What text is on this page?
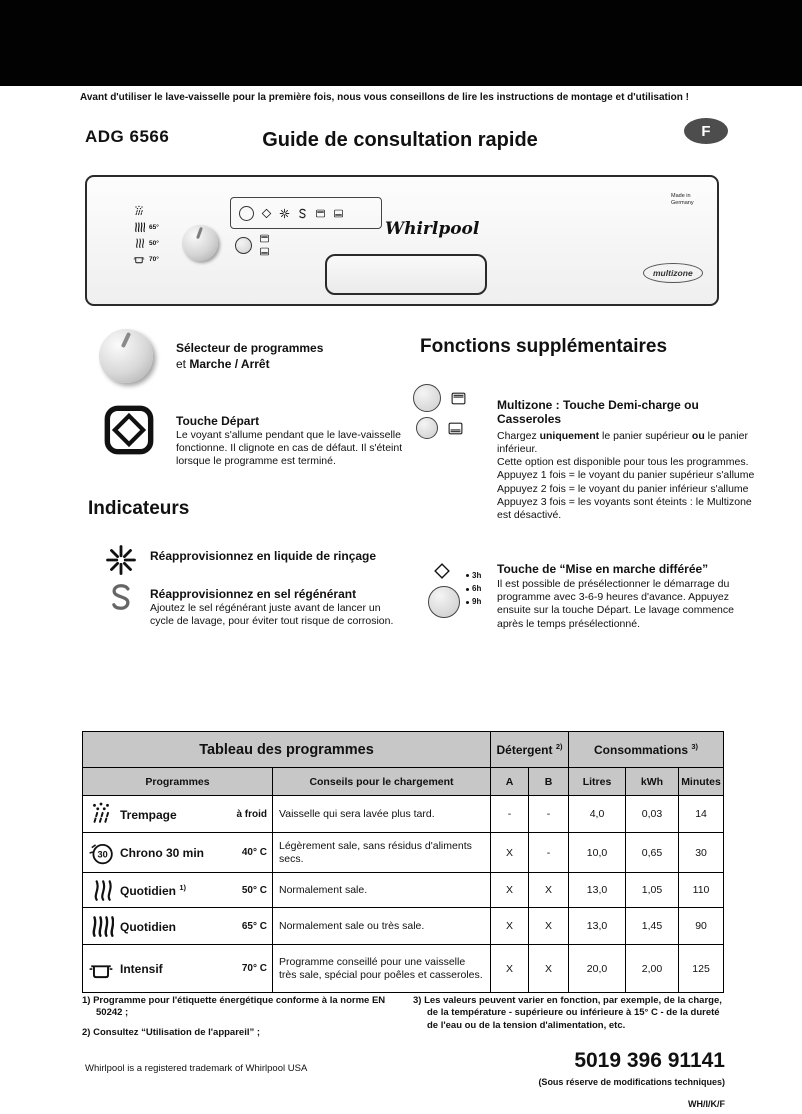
Avant d'utiliser le lave-vaisselle pour la première fois, nous vous conseillons de lire les instructions de montage et d'utilisation !
ADG 6566	Guide de consultation rapide	F
65°
50°
70°
Whirlpool
Made in Germany
multizone
Sélecteur de programmes
et Marche / Arrêt
Touche Départ
Le voyant s'allume pendant que le lave-vaisselle fonctionne. Il clignote en cas de défaut. Il s'éteint lorsque le programme est terminé.
Indicateurs
Réapprovisionnez en liquide de rinçage
Réapprovisionnez en sel régénérant
Ajoutez le sel régénérant juste avant de lancer un cycle de lavage, pour éviter tout risque de corrosion.
Fonctions supplémentaires
Multizone : Touche Demi-charge ou Casseroles
Chargez uniquement le panier supérieur ou le panier inférieur.
Cette option est disponible pour tous les programmes.
Appuyez 1 fois = le voyant du panier supérieur s'allume
Appuyez 2 fois = le voyant du panier inférieur s'allume
Appuyez 3 fois = les voyants sont éteints : le Multizone est désactivé.
3h
6h
9h
Touche de “Mise en marche différée”
Il est possible de présélectionner le démarrage du programme avec 3-6-9 heures d'avance. Appuyez ensuite sur la touche Départ. Le lavage commence après le temps présélectionné.
Tableau des programmes		Détergent $^{2)}$		Consommations $^{3)}$
Programmes	Conseils pour le chargement	A	B	Litres	kWh	Minutes

Trempage à froid	Vaisselle qui sera lavée plus tard.	-	-	4,0	0,03	14

Chrono 30 min 40° C	Légèrement sale, sans résidus d'aliments secs.	X	-	10,0	0,65	30

Quotidien $^{1)}$ 50° C	Normalement sale.	X	X	13,0	1,05	110

Quotidien 65° C	Normalement sale ou très sale.	X	X	13,0	1,45	90

Intensif 70° C	Programme conseillé pour une vaisselle très sale, spécial pour poêles et casseroles.	X	X	20,0	2,00	125
1) Programme pour l'étiquette énergétique conforme à la norme EN 50242 ;
2) Consultez “Utilisation de l'appareil” ;
3) Les valeurs peuvent varier en fonction, par exemple, de la charge, de la température - supérieure ou inférieure à 15° C - de la dureté de l'eau ou de la tension d'alimentation, etc.
Whirlpool is a registered trademark of Whirlpool USA	5019 396 91141
(Sous réserve de modifications techniques)
WH/I/K/F
